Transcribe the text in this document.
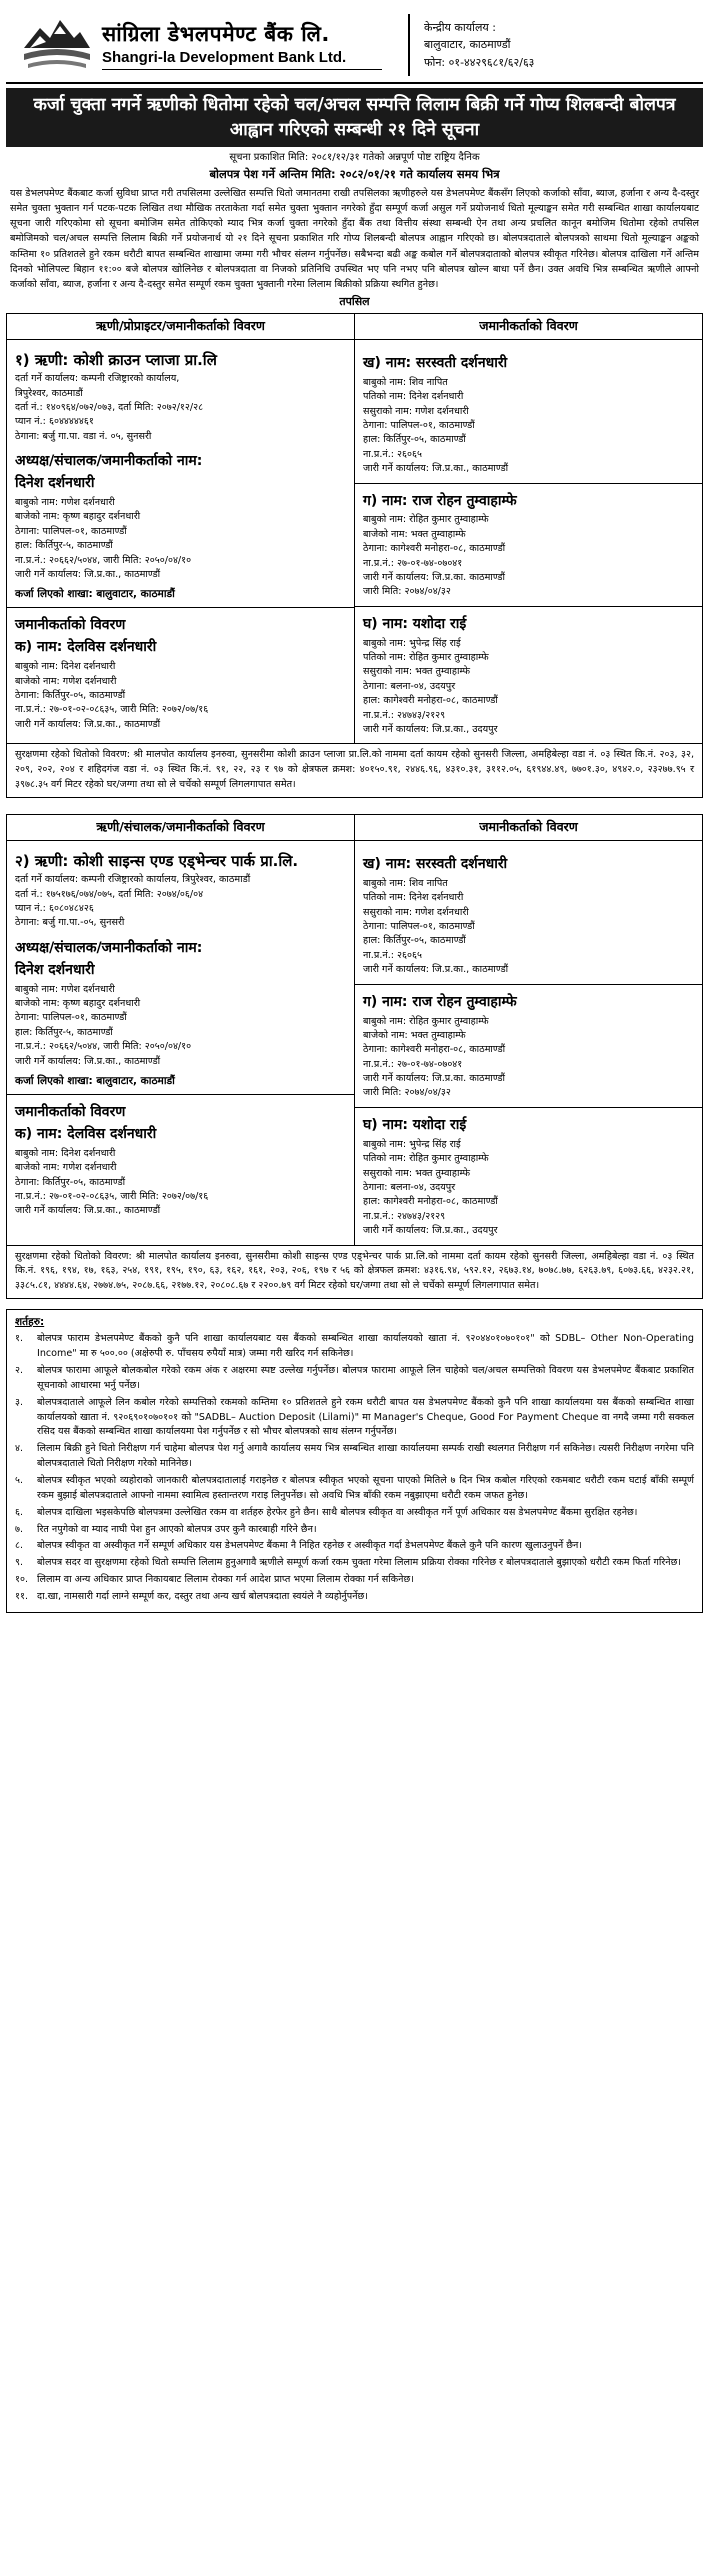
सांग्रिला डेभलपमेण्ट बैंक लि.
Shangri-la Development Bank Ltd.
केन्द्रीय कार्यालय :
बालुवाटार, काठमाण्डौं
फोन: ०१-४४२९६८१/६२/६३
कर्जा चुक्ता नगर्ने ऋणीको धितोमा रहेको चल/अचल सम्पत्ति लिलाम बिक्री गर्ने गोप्य शिलबन्दी बोलपत्र आह्वान गरिएको सम्बन्धी २१ दिने सूचना
सूचना प्रकाशित मिति: २०८१/१२/३१ गतेको अन्नपूर्ण पोष्ट राष्ट्रिय दैनिक
बोलपत्र पेश गर्ने अन्तिम मिति: २०८२/०१/२१ गते कार्यालय समय भित्र
यस डेभलपमेण्ट बैंकबाट कर्जा सुविधा प्राप्त गरी तपसिलमा उल्लेखित सम्पत्ति धितो जमानतमा राखी तपसिलका ऋणीहरुले यस डेभलपमेण्ट बैंकसँग लिएको कर्जाको साँवा, ब्याज, हर्जाना र अन्य दै-दस्तुर समेत चुक्ता भुक्तान गर्न पटक-पटक लिखित तथा मौखिक तरताकेता गर्दा समेत चुक्ता भुक्तान नगरेको हुँदा सम्पूर्ण कर्जा असुल गर्ने प्रयोजनार्थ धितो मूल्याङ्कन समेत गरी सम्बन्धित शाखा कार्यालयबाट सूचना जारी गरिएकोमा सो सूचना बमोजिम समेत तोकिएको म्याद भित्र कर्जा चुक्ता नगरेको हुँदा बैंक तथा वित्तीय संस्था सम्बन्धी ऐन तथा अन्य प्रचलित कानून बमोजिम धितोमा रहेको तपसिल बमोजिमको चल/अचल सम्पत्ति लिलाम बिक्री गर्ने प्रयोजनार्थ यो २१ दिने सूचना प्रकाशित गरि गोप्य शिलबन्दी बोलपत्र आह्वान गरिएको छ। बोलपत्रदाताले बोलपत्रको साथमा धितो मूल्याङ्कन अङ्कको कम्तिमा १० प्रतिशतले हुने रकम धरौटी बापत सम्बन्धित शाखामा जम्मा गरी भौचर संलग्न गर्नुपर्नेछ। सबैभन्दा बढी अङ्क कबोल गर्ने बोलपत्रदाताको बोलपत्र स्वीकृत गरिनेछ। बोलपत्र दाखिला गर्ने अन्तिम दिनको भोलिपल्ट बिहान ११:०० बजे बोलपत्र खोलिनेछ र बोलपत्रदाता वा निजको प्रतिनिधि उपस्थित भए पनि नभए पनि बोलपत्र खोल्न बाधा पर्ने छैन। उक्त अवधि भित्र सम्बन्धित ऋणीले आफ्नो कर्जाको साँवा, ब्याज, हर्जाना र अन्य दै-दस्तुर समेत सम्पूर्ण रकम चुक्ता भुक्तानी गरेमा लिलाम बिक्रीको प्रक्रिया स्थगित हुनेछ।
तपसिल
ऋणी/प्रोप्राइटर/जमानीकर्ताको विवरण
१) ऋणी: कोशी क्राउन प्लाजा प्रा.लि
दर्ता गर्ने कार्यालय: कम्पनी रजिष्ट्रारको कार्यालय,
त्रिपुरेश्वर, काठमाडौं
दर्ता नं.: १४०९६४/०७२/०७३, दर्ता मिति: २०७२/१२/२८
प्यान नं.: ६०४४४४४६१
ठेगाना: बर्जु गा.पा. वडा नं. ०५, सुनसरी
अध्यक्ष/संचालक/जमानीकर्ताको नाम:
दिनेश दर्शनधारी
बाबुको नाम: गणेश दर्शनधारी
बाजेको नाम: कृष्ण बहादुर दर्शनधारी
ठेगाना: पालिपल-०१, काठमाण्डौं
हाल: किर्तिपुर-५, काठमाण्डौं
ना.प्र.नं.: २०६६२/५०४४, जारी मिति: २०५०/०४/१०
जारी गर्ने कार्यालय: जि.प्र.का., काठमाण्डौं
कर्जा लिएको शाखा: बालुवाटार, काठमाडौं
जमानीकर्ताको विवरण
क) नाम: देलविस दर्शनधारी
बाबुको नाम: दिनेश दर्शनधारी
बाजेको नाम: गणेश दर्शनधारी
ठेगाना: किर्तिपुर-०५, काठमाण्डौं
ना.प्र.नं.: २७-०१-०२-०८६३५, जारी मिति: २०७२/०७/१६
जारी गर्ने कार्यालय: जि.प्र.का., काठमाण्डौं
जमानीकर्ताको विवरण
ख) नाम: सरस्वती दर्शनधारी
बाबुको नाम: शिव नापित
पतिको नाम: दिनेश दर्शनधारी
ससुराको नाम: गणेश दर्शनधारी
ठेगाना: पालिपल-०१, काठमाण्डौं
हाल: किर्तिपुर-०५, काठमाण्डौं
ना.प्र.नं.: २६०६५
जारी गर्ने कार्यालय: जि.प्र.का., काठमाण्डौं
ग) नाम: राज रोहन तुम्वाहाम्फे
बाबुको नाम: रोहित कुमार तुम्वाहाम्फे
बाजेको नाम: भक्त तुम्वाहाम्फे
ठेगाना: कागेश्वरी मनोहरा-०८, काठमाण्डौं
ना.प्र.नं.: २७-०१-७४-०७०४१
जारी गर्ने कार्यालय: जि.प्र.का. काठमाण्डौं
जारी मिति: २०७४/०४/३२
घ) नाम: यशोदा राई
बाबुको नाम: भुपेन्द्र सिंह राई
पतिको नाम: रोहित कुमार तुम्वाहाम्फे
ससुराको नाम: भक्त तुम्वाहाम्फे
ठेगाना: बलना-०४, उदयपुर
हाल: कागेश्वरी मनोहरा-०८, काठमाण्डौं
ना.प्र.नं.: २४७४३/२१२९
जारी गर्ने कार्यालय: जि.प्र.का., उदयपुर
सुरक्षणमा रहेको धितोको विवरण: श्री मालपोत कार्यालय इनरुवा, सुनसरीमा कोशी क्राउन प्लाजा प्रा.लि.को नाममा दर्ता कायम रहेको सुनसरी जिल्ला, अमहिबेल्हा वडा नं. ०३ स्थित कि.नं. २०३, ३२, २०९, २०२, २०४ र शहिदगंज वडा नं. ०३ स्थित कि.नं. ९१, २२, २३ र ९७ को क्षेत्रफल क्रमश: ४०१५०.९१, २४४६.९६, ४३१०.३१, ३११२.०५, ६१९४४.४९, ७७०१.३०, ४९४२.०, २३२७७.९५ र ३९७८.३५ वर्ग मिटर रहेको घर/जग्गा तथा सो ले चर्चेको सम्पूर्ण लिगलगापात समेत।
ऋणी/संचालक/जमानीकर्ताको विवरण
२) ऋणी: कोशी साइन्स एण्ड एड्भेन्चर पार्क प्रा.लि.
दर्ता गर्ने कार्यालय: कम्पनी रजिष्ट्रारको कार्यालय, त्रिपुरेश्वर, काठमाडौं
दर्ता नं.: १७५१७६/०७४/०७५, दर्ता मिति: २०७४/०६/०४
प्यान नं.: ६०८०४८४२६
ठेगाना: बर्जु गा.पा.-०५, सुनसरी
अध्यक्ष/संचालक/जमानीकर्ताको नाम:
दिनेश दर्शनधारी
बाबुको नाम: गणेश दर्शनधारी
बाजेको नाम: कृष्ण बहादुर दर्शनधारी
ठेगाना: पालिपल-०१, काठमाण्डौं
हाल: किर्तिपुर-५, काठमाण्डौं
ना.प्र.नं.: २०६६२/५०४४, जारी मिति: २०५०/०४/१०
जारी गर्ने कार्यालय: जि.प्र.का., काठमाण्डौं
कर्जा लिएको शाखा: बालुवाटार, काठमाडौं
जमानीकर्ताको विवरण
क) नाम: देलविस दर्शनधारी
बाबुको नाम: दिनेश दर्शनधारी
बाजेको नाम: गणेश दर्शनधारी
ठेगाना: किर्तिपुर-०५, काठमाण्डौं
ना.प्र.नं.: २७-०१-०२-०८६३५, जारी मिति: २०७२/०७/१६
जारी गर्ने कार्यालय: जि.प्र.का., काठमाण्डौं
जमानीकर्ताको विवरण
ख) नाम: सरस्वती दर्शनधारी
बाबुको नाम: शिव नापित
पतिको नाम: दिनेश दर्शनधारी
ससुराको नाम: गणेश दर्शनधारी
ठेगाना: पालिपल-०१, काठमाण्डौं
हाल: किर्तिपुर-०५, काठमाण्डौं
ना.प्र.नं.: २६०६५
जारी गर्ने कार्यालय: जि.प्र.का., काठमाण्डौं
ग) नाम: राज रोहन तुम्वाहाम्फे
बाबुको नाम: रोहित कुमार तुम्वाहाम्फे
बाजेको नाम: भक्त तुम्वाहाम्फे
ठेगाना: कागेश्वरी मनोहरा-०८, काठमाण्डौं
ना.प्र.नं.: २७-०१-७४-०७०४१
जारी गर्ने कार्यालय: जि.प्र.का. काठमाण्डौं
जारी मिति: २०७४/०४/३२
घ) नाम: यशोदा राई
बाबुको नाम: भुपेन्द्र सिंह राई
पतिको नाम: रोहित कुमार तुम्वाहाम्फे
ससुराको नाम: भक्त तुम्वाहाम्फे
ठेगाना: बलना-०४, उदयपुर
हाल: कागेश्वरी मनोहरा-०८, काठमाण्डौं
ना.प्र.नं.: २४७४३/२१२९
जारी गर्ने कार्यालय: जि.प्र.का., उदयपुर
सुरक्षणमा रहेको धितोको विवरण: श्री मालपोत कार्यालय इनरुवा, सुनसरीमा कोशी साइन्स एण्ड एड्भेन्चर पार्क प्रा.लि.को नाममा दर्ता कायम रहेको सुनसरी जिल्ला, अमहिबेल्हा वडा नं. ०३ स्थित कि.नं. १९६, १९४, १७, १६३, २५४, १९१, १९५, १९०, ६३, १६२, १६१, २०३, २०६, १९७ र ५६ को क्षेत्रफल क्रमश: ४३१६.९४, ५९२.१२, २६७३.१४, ७०७८.७७, ६२६३.७९, ६०७३.६६, ४२३२.२१, ३३८५.८१, ४४४४.६४, २७७४.७५, २०८७.६६, २१७७.१२, २०८०८.६७ र २२००.७९ वर्ग मिटर रहेको घर/जग्गा तथा सो ले चर्चेको सम्पूर्ण लिगलगापात समेत।
शर्तहरु:
१.	बोलपत्र फाराम डेभलपमेण्ट बैंकको कुनै पनि शाखा कार्यालयबाट यस बैंकको सम्बन्धित शाखा कार्यालयको खाता नं. ९२०४४०१०७०१०१" को SDBL– Other Non-Operating Income" मा रु ५००.०० (अक्षेरुपी रु. पाँचसय रुपैयाँ मात्र) जम्मा गरी खरिद गर्न सकिनेछ।
२.	बोलपत्र फारामा आफूले बोलकबोल गरेको रकम अंक र अक्षरमा स्पष्ट उल्लेख गर्नुपर्नेछ। बोलपत्र फारामा आफूले लिन चाहेको चल/अचल सम्पत्तिको विवरण यस डेभलपमेण्ट बैंकबाट प्रकाशित सूचनाको आधारमा भर्नु पर्नेछ।
३.	बोलपत्रदाताले आफूले लिन कबोल गरेको सम्पत्तिको रकमको कम्तिमा १० प्रतिशतले हुने रकम धरौटी बापत यस डेभलपमेण्ट बैंकको कुनै पनि शाखा कार्यालयमा यस बैंकको सम्बन्धित शाखा कार्यालयको खाता नं. ९२०६९०१०७०१०१ को "SADBL– Auction Deposit (Lilami)" मा Manager's Cheque, Good For Payment Cheque वा नगदै जम्मा गरी सक्कल रसिद यस बैंकको सम्बन्धित शाखा कार्यालयमा पेश गर्नुपर्नेछ र सो भौचर बोलपत्रको साथ संलग्न गर्नुपर्नेछ।
४.	लिलाम बिक्री हुने धितो निरीक्षण गर्न चाहेमा बोलपत्र पेश गर्नु अगावै कार्यालय समय भित्र सम्बन्धित शाखा कार्यालयमा सम्पर्क राखी स्थलगत निरीक्षण गर्न सकिनेछ। त्यसरी निरीक्षण नगरेमा पनि बोलपत्रदाताले धितो निरीक्षण गरेको मानिनेछ।
५.	बोलपत्र स्वीकृत भएको व्यहोराको जानकारी बोलपत्रदातालाई गराइनेछ र बोलपत्र स्वीकृत भएको सूचना पाएको मितिले ७ दिन भित्र कबोल गरिएको रकमबाट धरौटी रकम घटाई बाँकी सम्पूर्ण रकम बुझाई बोलपत्रदाताले आफ्नो नाममा स्वामित्व हस्तान्तरण गराइ लिनुपर्नेछ। सो अवधि भित्र बाँकी रकम नबुझाएमा धरौटी रकम जफत हुनेछ।
६.	बोलपत्र दाखिला भइसकेपछि बोलपत्रमा उल्लेखित रकम वा शर्तहरु हेरफेर हुने छैन। साथै बोलपत्र स्वीकृत वा अस्वीकृत गर्ने पूर्ण अधिकार यस डेभलपमेण्ट बैंकमा सुरक्षित रहनेछ।
७.	रित नपुगेको वा म्याद नाघी पेश हुन आएको बोलपत्र उपर कुनै कारबाही गरिने छैन।
८.	बोलपत्र स्वीकृत वा अस्वीकृत गर्ने सम्पूर्ण अधिकार यस डेभलपमेण्ट बैंकमा नै निहित रहनेछ र अस्वीकृत गर्दा डेभलपमेण्ट बैंकले कुनै पनि कारण खुलाउनुपर्ने छैन।
९.	बोलपत्र सदर वा सुरक्षणमा रहेको धितो सम्पत्ति लिलाम हुनुअगावै ऋणीले सम्पूर्ण कर्जा रकम चुक्ता गरेमा लिलाम प्रक्रिया रोक्का गरिनेछ र बोलपत्रदाताले बुझाएको धरौटी रकम फिर्ता गरिनेछ।
१०. लिलाम वा अन्य अधिकार प्राप्त निकायबाट लिलाम रोक्का गर्न आदेश प्राप्त भएमा लिलाम रोक्का गर्न सकिनेछ।
११. दा.खा, नामसारी गर्दा लाग्ने सम्पूर्ण कर, दस्तुर तथा अन्य खर्च बोलपत्रदाता स्वयंले नै व्यहोर्नुपर्नेछ।
